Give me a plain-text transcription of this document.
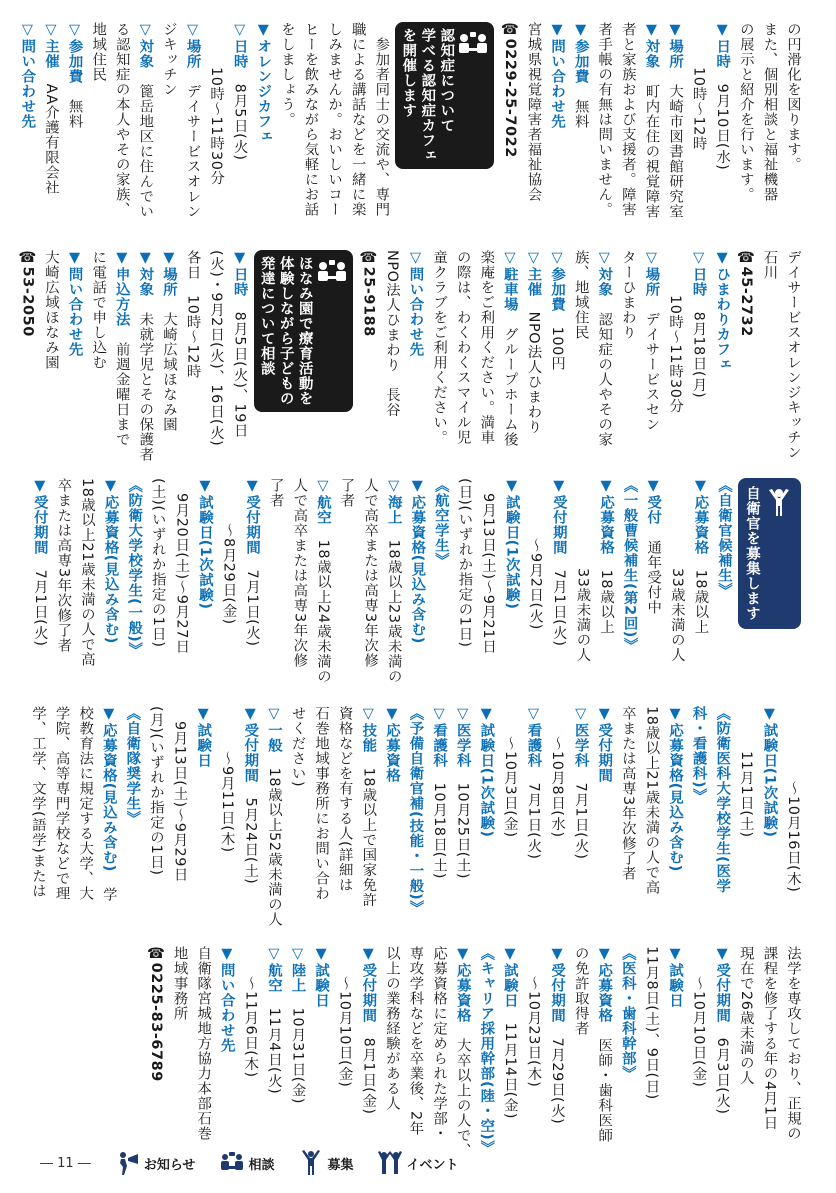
の円滑化を図ります。
また、個別相談と福祉機器
の展示と紹介を行います。
▼日時　9月10日(水)
　　　10時～12時
▼場所　大崎市図書館研究室
▼対象　町内在住の視覚障害
者と家族および支援者。障害
者手帳の有無は問いません。
▼参加費　無料
▼問い合わせ先
宮城県視覚障害者福祉協会
☎0229-25-7022
認知症について
学べる認知症カフェ
を開催します
　参加者同士の交流や、専門
職による講話などを一緒に楽
しみませんか。おいしいコー
ヒーを飲みながら気軽にお話
をしましょう。
▼オレンジカフェ
▽日時　8月5日(火)
　　　10時～11時30分
▽場所　デイサービスオレン
ジキッチン
▽対象　篦岳地区に住んでい
る認知症の本人やその家族、
地域住民
▽参加費　無料
▽主催　AA介護有限会社
▽問い合わせ先
デイサービスオレンジキッチン
石川
☎45-2732
▼ひまわりカフェ
▽日時　8月18日(月)
　　　10時～11時30分
▽場所　デイサービスセン
ターひまわり
▽対象　認知症の人やその家
族、地域住民
▽参加費　100円
▽主催　NPO法人ひまわり
▽駐車場　グループホーム後
楽庵をご利用ください。満車
の際は、わくわくスマイル児
童クラブをご利用ください。
▽問い合わせ先
NPO法人ひまわり　長谷
☎25-9188
ほなみ園で療育活動を
体験しながら子どもの
発達について相談
▼日時　8月5日(火)、19日
(火)・9月2日(火)、16日(火)
各日　10時～12時
▼場所　大崎広域ほなみ園
▼対象　未就学児とその保護者
▼申込方法　前週金曜日まで
に電話で申し込む
▼問い合わせ先
大崎広域ほなみ園
☎53-2050
自衛官を募集します
《自衛官候補生》
▼応募資格　18歳以上
　　　　　　33歳未満の人
▼受付　通年受付中
《一般曹候補生(第2回)》
▼応募資格　18歳以上
　　　　　　33歳未満の人
▼受付期間　7月1日(火)
　　　　～9月2日(火)
▼試験日(1次試験)
　9月13日(土)～9月21日
(日)(いずれか指定の1日)
《航空学生》
▼応募資格(見込み含む)
▽海上　18歳以上23歳未満の
人で高卒または高専3年次修
了者
▽航空　18歳以上24歳未満の
人で高卒または高専3年次修
了者
▼受付期間　7月1日(火)
　　　～8月29日(金)
▼試験日(1次試験)
　9月20日(土)～9月27日
(土)(いずれか指定の1日)
《防衛大学校学生(一般)》
▼応募資格(見込み含む)
18歳以上21歳未満の人で高
卒または高専3年次修了者
▼受付期間　7月1日(火)
　　　　　～10月16日(木)
▼試験日(1次試験)
　　　11月1日(土)
《防衛医科大学校学生(医学
科・看護科)》
▼応募資格(見込み含む)
18歳以上21歳未満の人で高
卒または高専3年次修了者
▼受付期間
▽医学科　7月1日(火)
　　～10月8日(水)
▽看護科　7月1日(火)
　　～10月3日(金)
▼試験日(1次試験)
▽医学科　10月25日(土)
▽看護科　10月18日(土)
《予備自衛官補(技能・一般)》
▼応募資格
▽技能　18歳以上で国家免許
資格などを有する人(詳細は
石巻地域事務所にお問い合わ
せください)
▽一般　18歳以上52歳未満の人
▼受付期間　5月24日(土)
　　　～9月11日(木)
▼試験日
　9月13日(土)～9月29日
(月)(いずれか指定の1日)
《自衛隊奨学生》
▼応募資格(見込み含む)　学
校教育法に規定する大学、大
学院、高等専門学校などで理
学、工学、文学(語学)または
法学を専攻しており、正規の
課程を修了する年の4月1日
現在で26歳未満の人
▼受付期間　6月3日(火)
　　～10月10日(金)
▼試験日
11月8日(土)、9日(日)
《医科・歯科幹部》
▼応募資格　医師・歯科医師
の免許取得者
▼受付期間　7月29日(火)
　　～10月23日(木)
▼試験日　11月14日(金)
《キャリア採用幹部(陸・空)》
▼応募資格　大卒以上の人で、
応募資格に定められた学部・
専攻学科などを卒業後、2年
以上の業務経験がある人
▼受付期間　8月1日(金)
　　～10月10日(金)
▼試験日
▽陸上　10月31日(金)
▽航空　11月4日(火)
　　～11月6日(木)
▼問い合わせ先
自衛隊宮城地方協力本部石巻
地域事務所
☎0225-83-6789
― 11 ―	お知らせ	相談	募集	イベント
